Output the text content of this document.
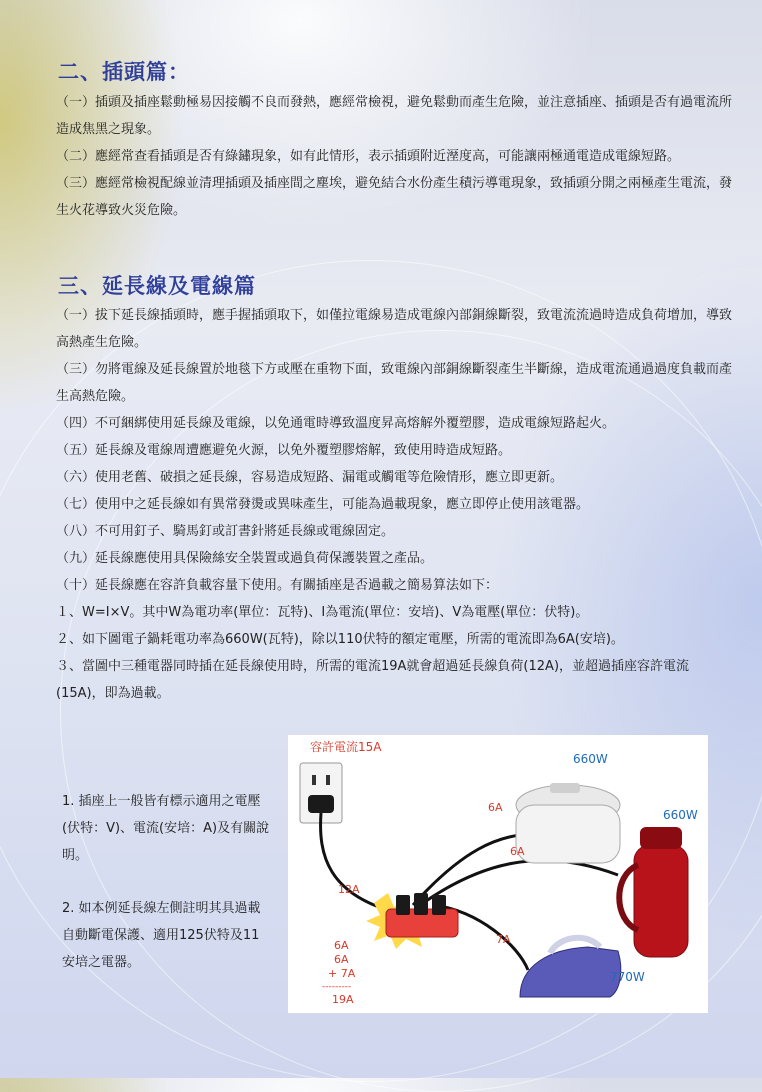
二、插頭篇：

（一）插頭及插座鬆動極易因接觸不良而發熱，應經常檢視，避免鬆動而產生危險，並注意插座、插頭是否有過電流所造成焦黑之現象。

（二）應經常查看插頭是否有綠鏽現象，如有此情形，表示插頭附近溼度高，可能讓兩極通電造成電線短路。

（三）應經常檢視配線並清理插頭及插座間之塵埃，避免結合水份產生積污導電現象，致插頭分開之兩極產生電流，發生火花導致火災危險。

三、延長線及電線篇

（一）拔下延長線插頭時，應手握插頭取下，如僅拉電線易造成電線內部銅線斷裂，致電流流過時造成負荷增加，導致高熱產生危險。

（三）勿將電線及延長線置於地毯下方或壓在重物下面，致電線內部銅線斷裂產生半斷線，造成電流通過過度負載而產生高熱危險。

（四）不可綑綁使用延長線及電線，以免通電時導致溫度昇高熔解外覆塑膠，造成電線短路起火。

（五）延長線及電線周遭應避免火源，以免外覆塑膠熔解，致使用時造成短路。

（六）使用老舊、破損之延長線，容易造成短路、漏電或觸電等危險情形，應立即更新。

（七）使用中之延長線如有異常發燙或異味產生，可能為過載現象，應立即停止使用該電器。

（八）不可用釘子、騎馬釘或訂書針將延長線或電線固定。

（九）延長線應使用具保險絲安全裝置或過負荷保護裝置之產品。

（十）延長線應在容許負載容量下使用。有關插座是否過載之簡易算法如下：

１、W=I×V。其中W為電功率(單位：瓦特)、I為電流(單位：安培)、V為電壓(單位：伏特)。

２、如下圖電子鍋耗電功率為660W(瓦特)，除以110伏特的額定電壓，所需的電流即為6A(安培)。

３、當圖中三種電器同時插在延長線使用時，所需的電流19A就會超過延長線負荷(12A)，並超過插座容許電流(15A)，即為過載。

1. 插座上一般皆有標示適用之電壓(伏特：V)、電流(安培：A)及有關說明。

2. 如本例延長線左側註明其具過載自動斷電保護、適用125伏特及11安培之電器。

容許電流15A
12A
660W
660W
770W
6A
6A
7A
6A
6A
+ 7A
---------
19A
